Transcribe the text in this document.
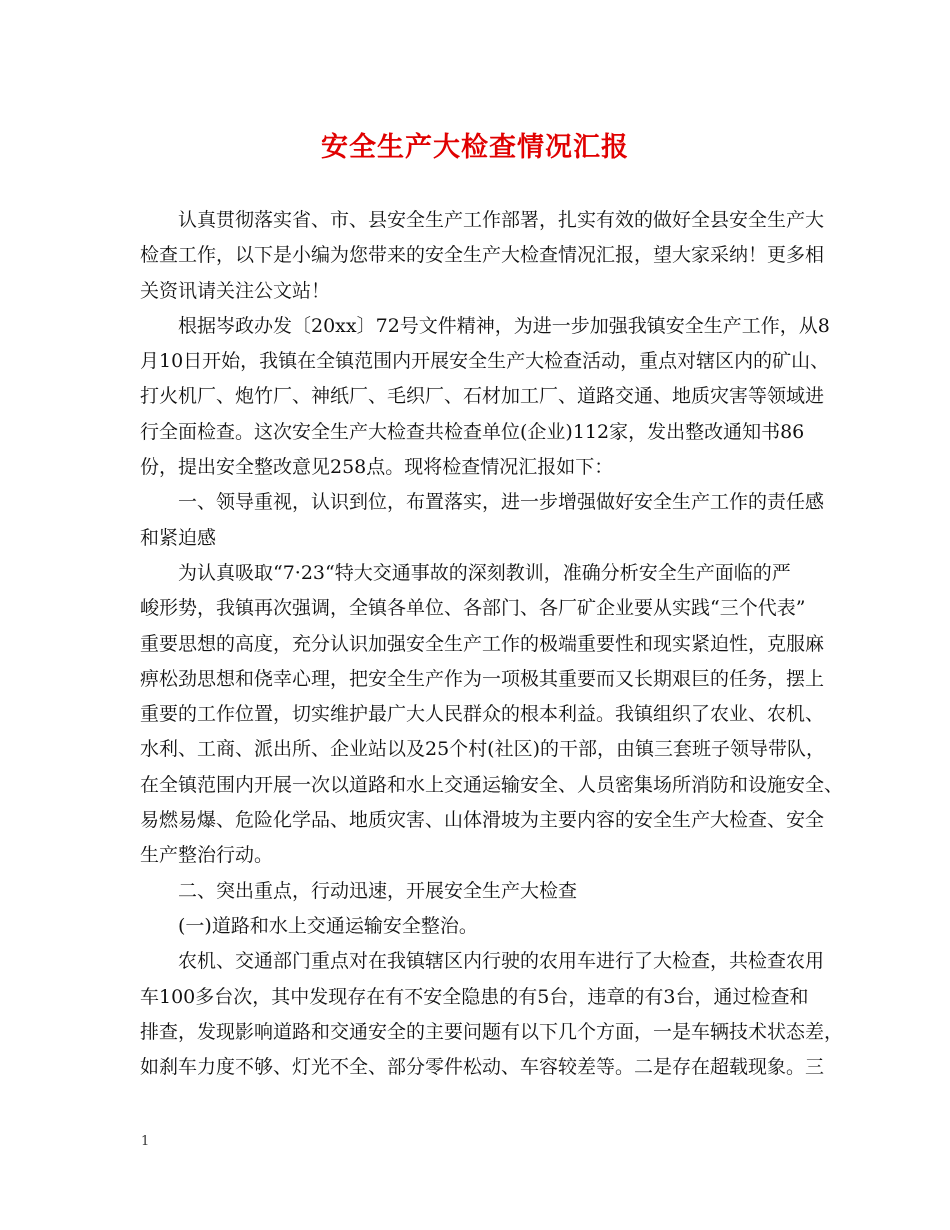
安全生产大检查情况汇报
认真贯彻落实省、市、县安全生产工作部署，扎实有效的做好全县安全生产大
检查工作，以下是小编为您带来的安全生产大检查情况汇报，望大家采纳！更多相
关资讯请关注公文站！
根据岑政办发〔20xx〕72号文件精神，为进一步加强我镇安全生产工作，从8
月10日开始，我镇在全镇范围内开展安全生产大检查活动，重点对辖区内的矿山、
打火机厂、炮竹厂、神纸厂、毛织厂、石材加工厂、道路交通、地质灾害等领域进
行全面检查。这次安全生产大检查共检查单位(企业)112家，发出整改通知书86
份，提出安全整改意见258点。现将检查情况汇报如下：
一、领导重视，认识到位，布置落实，进一步增强做好安全生产工作的责任感
和紧迫感
为认真吸取“7·23“特大交通事故的深刻教训，准确分析安全生产面临的严
峻形势，我镇再次强调，全镇各单位、各部门、各厂矿企业要从实践“三个代表”
重要思想的高度，充分认识加强安全生产工作的极端重要性和现实紧迫性，克服麻
痹松劲思想和侥幸心理，把安全生产作为一项极其重要而又长期艰巨的任务，摆上
重要的工作位置，切实维护最广大人民群众的根本利益。我镇组织了农业、农机、
水利、工商、派出所、企业站以及25个村(社区)的干部，由镇三套班子领导带队，
在全镇范围内开展一次以道路和水上交通运输安全、人员密集场所消防和设施安全、
易燃易爆、危险化学品、地质灾害、山体滑坡为主要内容的安全生产大检查、安全
生产整治行动。
二、突出重点，行动迅速，开展安全生产大检查
(一)道路和水上交通运输安全整治。
农机、交通部门重点对在我镇辖区内行驶的农用车进行了大检查，共检查农用
车100多台次，其中发现存在有不安全隐患的有5台，违章的有3台，通过检查和
排查，发现影响道路和交通安全的主要问题有以下几个方面，一是车辆技术状态差，
如刹车力度不够、灯光不全、部分零件松动、车容较差等。二是存在超载现象。三
1
